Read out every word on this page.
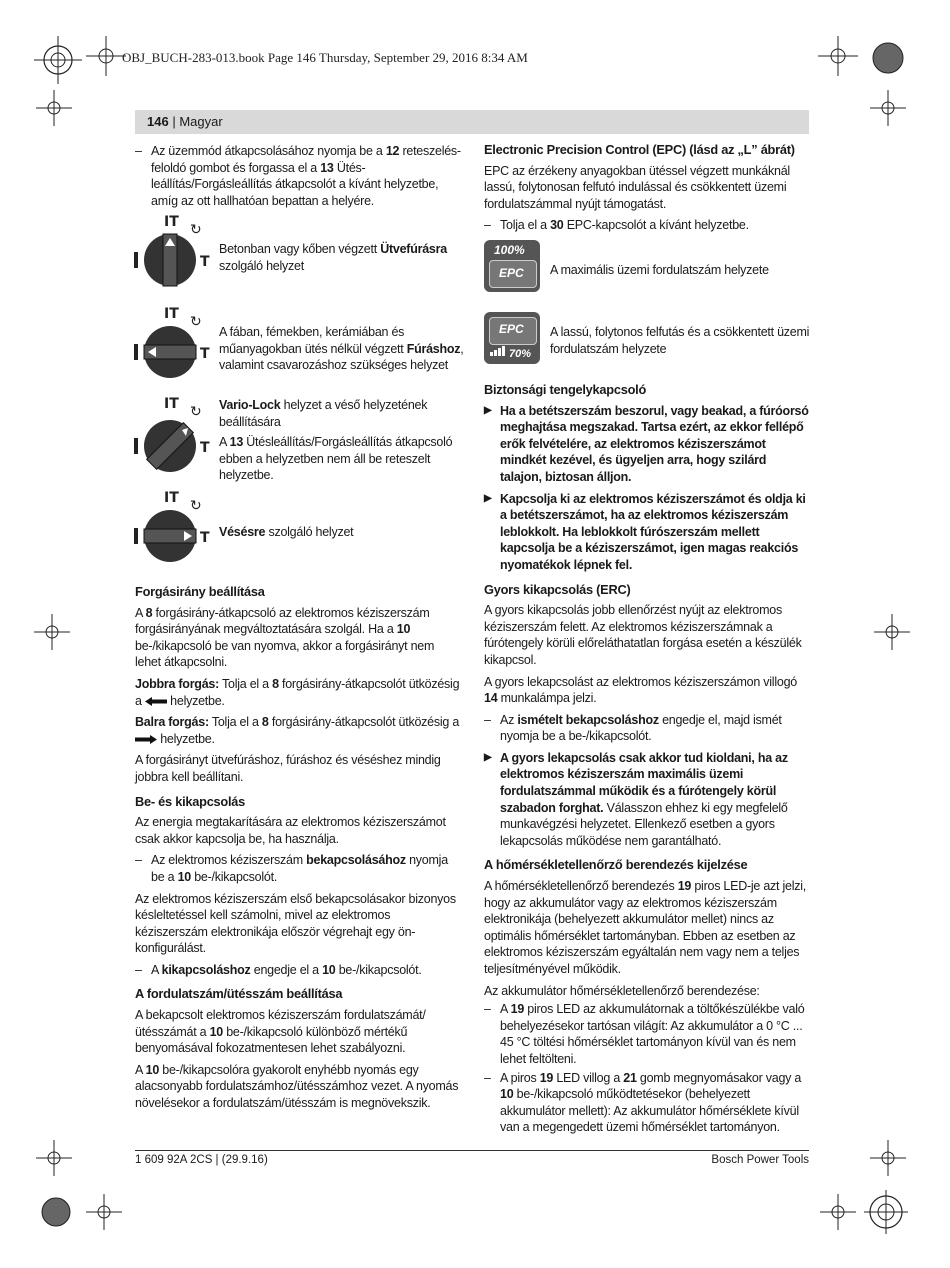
OBJ_BUCH-283-013.book Page 146 Thursday, September 29, 2016 8:34 AM
146 | Magyar

– Az üzemmód átkapcsolásához nyomja be a 12 reteszelés-feloldó gombot és forgassa el a 13 Ütés-leállítás/Forgásleállítás átkapcsolót a kívánt helyzetbe, amíg az ott hallhatóan bepattan a helyére.

IT ↻
T
Betonban vagy kőben végzett Ütvefúrásra szolgáló helyzet
IT ↻
T
A fában, fémekben, kerámiában és műanyagokban ütés nélkül végzett Fúráshoz, valamint csavarozáshoz szükséges helyzet
IT ↻
T

Vario-Lock helyzet a véső helyzetének beállítására

A 13 Ütésleállítás/Forgásleállítás átkapcsoló ebben a helyzetben nem áll be reteszelt helyzetbe.

IT ↻
T Vésésre szolgáló helyzet
Forgásirány beállítása

A 8 forgásirány-átkapcsoló az elektromos kéziszerszám forgásirányának megváltoztatására szolgál. Ha a 10 be-/kikapcsoló be van nyomva, akkor a forgásirányt nem lehet átkapcsolni.

Jobbra forgás: Tolja el a 8 forgásirány-átkapcsolót ütközésig a  helyzetbe.

Balra forgás: Tolja el a 8 forgásirány-átkapcsolót ütközésig a
helyzetbe.

A forgásirányt ütvefúráshoz, fúráshoz és véséshez mindig jobbra kell beállítani.

Be- és kikapcsolás

Az energia megtakarítására az elektromos kéziszerszámot csak akkor kapcsolja be, ha használja.

– Az elektromos kéziszerszám bekapcsolásához nyomja be a 10 be-/kikapcsolót.

Az elektromos kéziszerszám első bekapcsolásakor bizonyos késleltetéssel kell számolni, mivel az elektromos kéziszerszám elektronikája először végrehajt egy ön-konfigurálást.

– A kikapcsoláshoz engedje el a 10 be-/kikapcsolót.

A fordulatszám/ütésszám beállítása

A bekapcsolt elektromos kéziszerszám fordulatszámát/ütésszámát a 10 be-/kikapcsoló különböző mértékű benyomásával fokozatmentesen lehet szabályozni.

A 10 be-/kikapcsolóra gyakorolt enyhébb nyomás egy alacsonyabb fordulatszámhoz/ütésszámhoz vezet. A nyomás növelésekor a fordulatszám/ütésszám is megnövekszik.

Electronic Precision Control (EPC) (lásd az „L” ábrát)

EPC az érzékeny anyagokban ütéssel végzett munkáknál lassú, folytonosan felfutó indulással és csökkentett üzemi fordulatszámmal nyújt támogatást.

– Tolja el a 30 EPC-kapcsolót a kívánt helyzetbe.

100%
EPC A maximális üzemi fordulatszám helyzete
EPC
70%
A lassú, folytonos felfutás és a csökkentett üzemi fordulatszám helyzete
Biztonsági tengelykapcsoló

▶ Ha a betétszerszám beszorul, vagy beakad, a fúróorsó meghajtása megszakad. Tartsa ezért, az ekkor fellépő erők felvételére, az elektromos kéziszerszámot mindkét kezével, és ügyeljen arra, hogy szilárd talajon, biztosan álljon.

▶ Kapcsolja ki az elektromos kéziszerszámot és oldja ki a betétszerszámot, ha az elektromos kéziszerszám leblokkolt. Ha leblokkolt fúrószerszám mellett kapcsolja be a kéziszerszámot, igen magas reakciós nyomatékok lépnek fel.

Gyors kikapcsolás (ERC)

A gyors kikapcsolás jobb ellenőrzést nyújt az elektromos kéziszerszám felett. Az elektromos kéziszerszámnak a fúrótengely körüli előreláthatatlan forgása esetén a készülék kikapcsol.

A gyors lekapcsolást az elektromos kéziszerszámon villogó 14 munkalámpa jelzi.

– Az ismételt bekapcsoláshoz engedje el, majd ismét nyomja be a be-/kikapcsolót.

▶ A gyors lekapcsolás csak akkor tud kioldani, ha az elektromos kéziszerszám maximális üzemi fordulatszámmal működik és a fúrótengely körül szabadon forghat. Válasszon ehhez ki egy megfelelő munkavégzési helyzetet. Ellenkező esetben a gyors lekapcsolás működése nem garantálható.

A hőmérsékletellenőrző berendezés kijelzése

A hőmérsékletellenőrző berendezés 19 piros LED-je azt jelzi, hogy az akkumulátor vagy az elektromos kéziszerszám elektronikája (behelyezett akkumulátor mellet) nincs az optimális hőmérséklet tartományban. Ebben az esetben az elektromos kéziszerszám egyáltalán nem vagy nem a teljes teljesítményével működik.

Az akkumulátor hőmérsékletellenőrző berendezése:

– A 19 piros LED az akkumulátornak a töltőkészülékbe való behelyezésekor tartósan világít: Az akkumulátor a 0 °C ... 45 °C töltési hőmérséklet tartományon kívül van és nem lehet feltölteni.

– A piros 19 LED villog a 21 gomb megnyomásakor vagy a 10 be-/kikapcsoló működtetésekor (behelyezett akkumulátor mellett): Az akkumulátor hőmérséklete kívül van a megengedett üzemi hőmérséklet tartományon.

1 609 92A 2CS | (29.9.16)	Bosch Power Tools
